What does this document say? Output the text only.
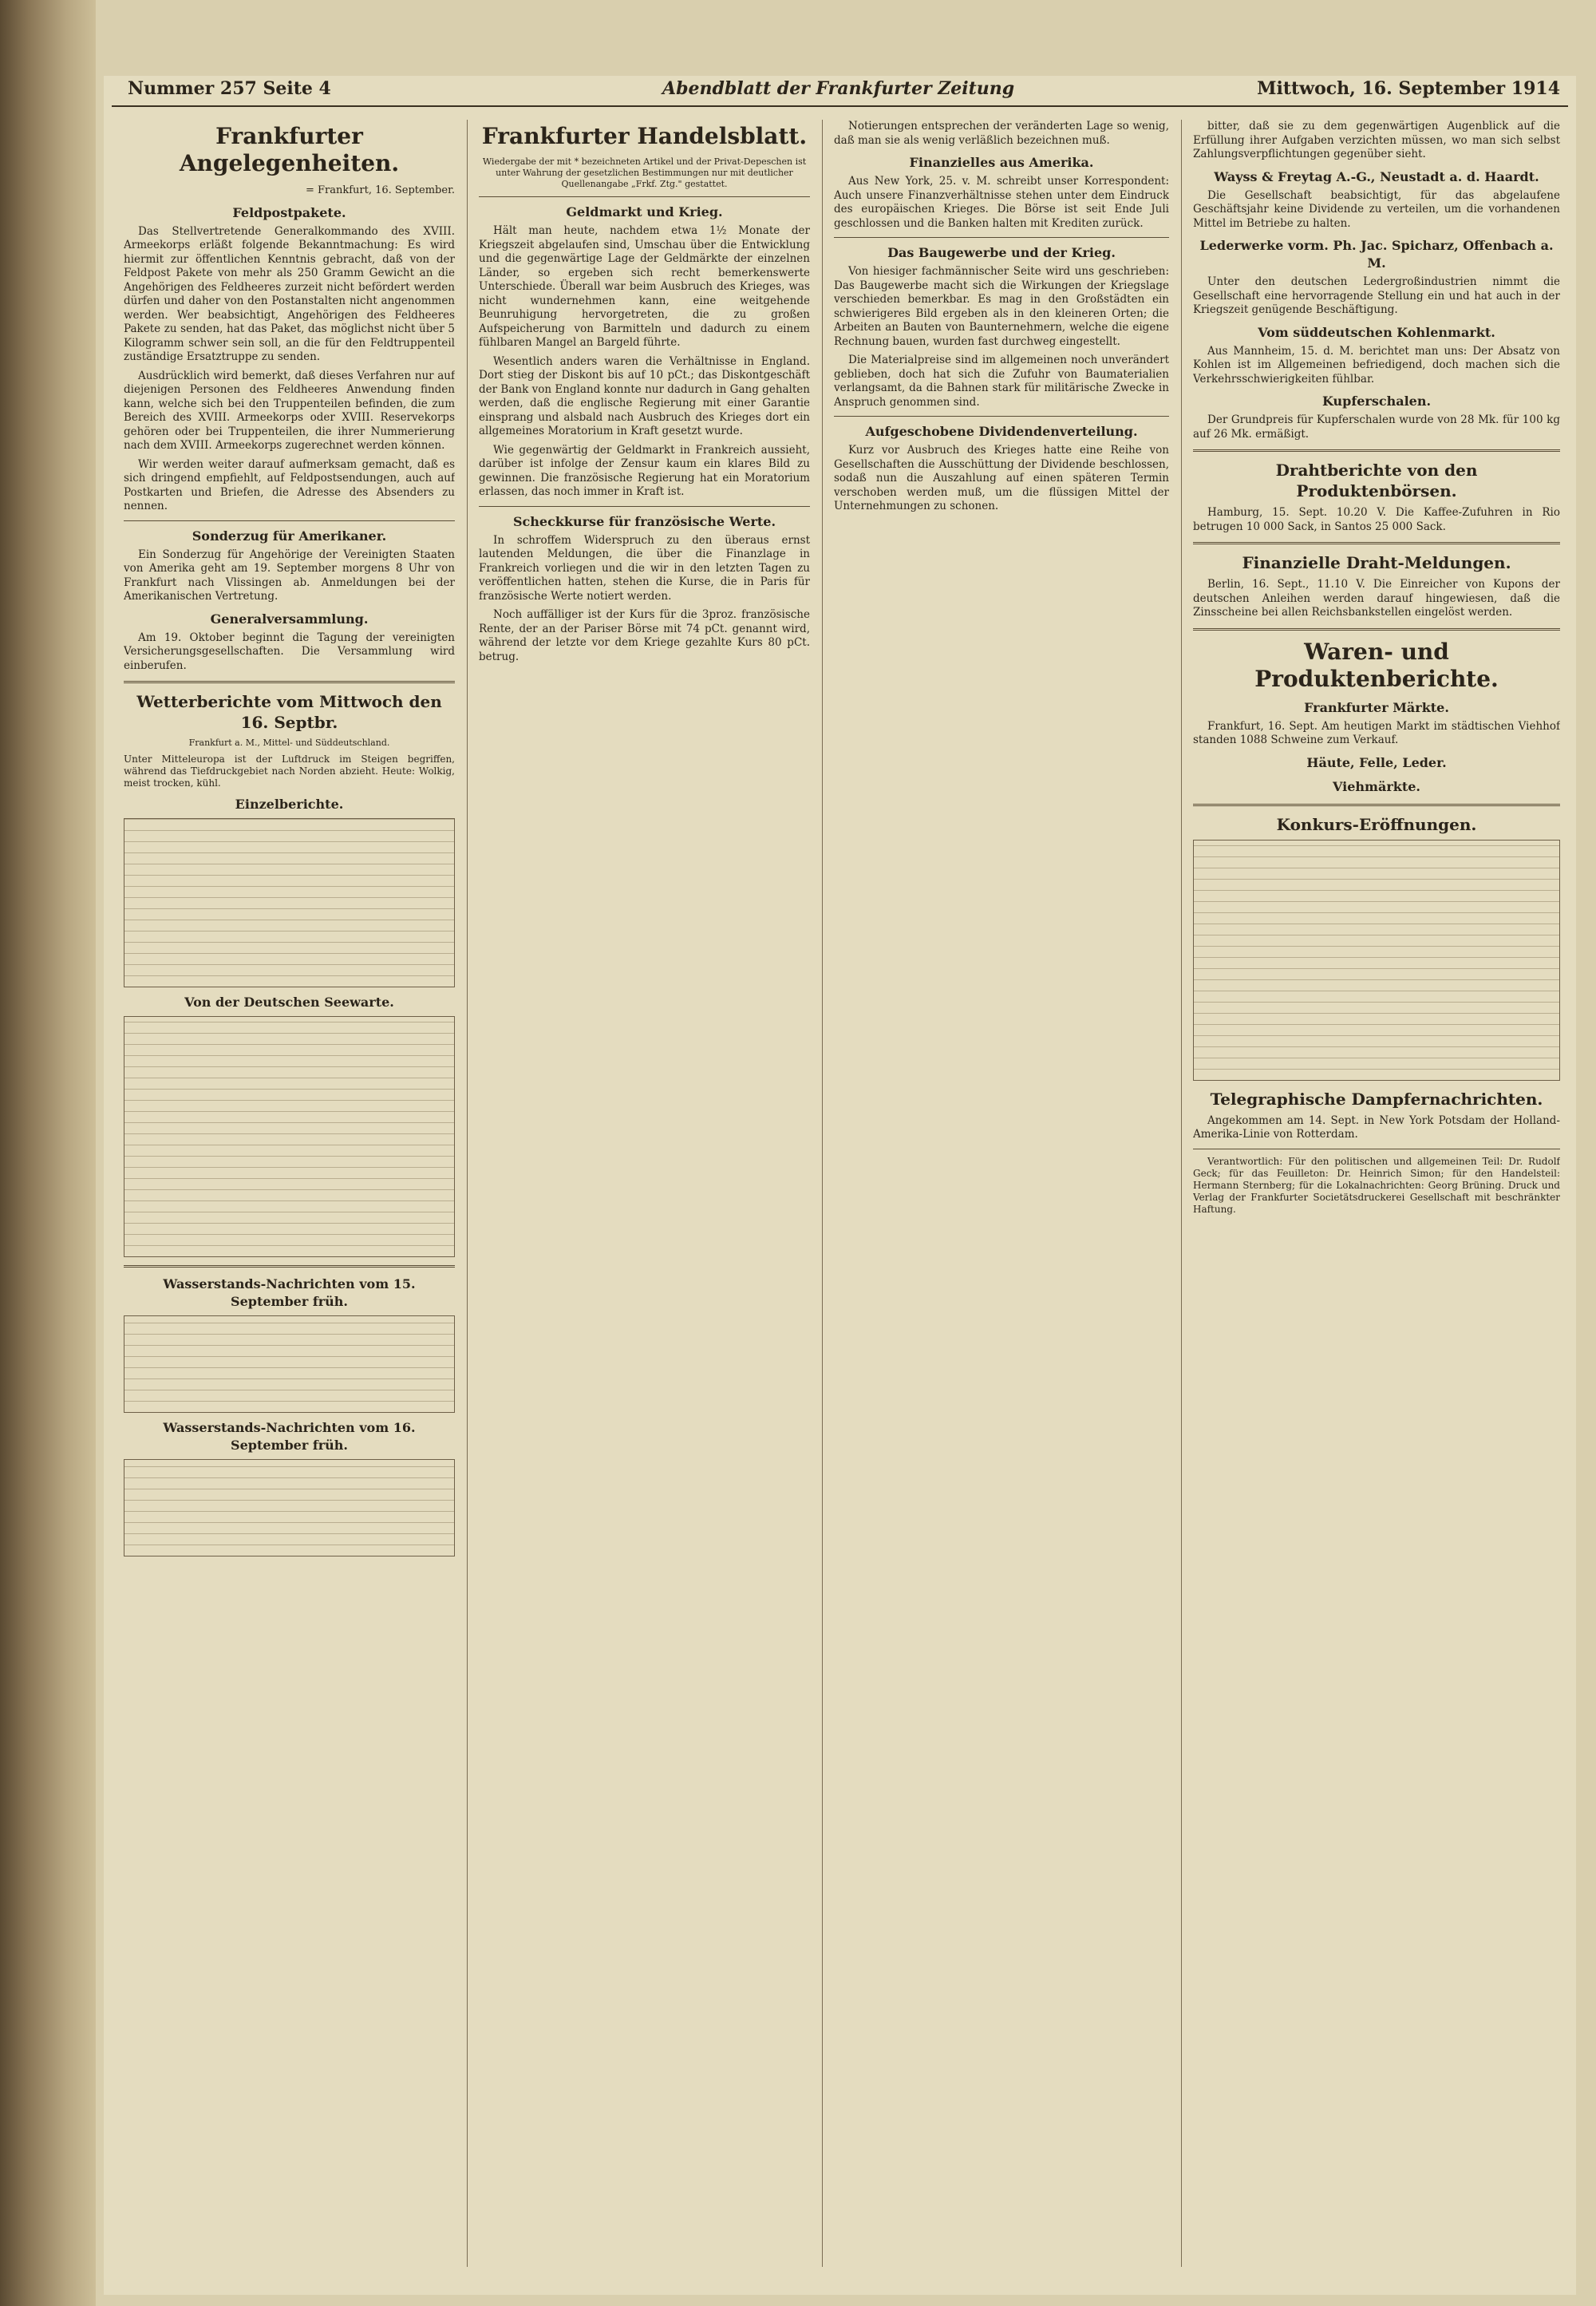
Nummer 257 Seite 4	Abendblatt der Frankfurter Zeitung	Mittwoch, 16. September 1914
Frankfurter Angelegenheiten.
= Frankfurt, 16. September.
Feldpostpakete.

Das Stellvertretende Generalkommando des XVIII. Armeekorps erläßt folgende Bekanntmachung: Es wird hiermit zur öffentlichen Kenntnis gebracht, daß von der Feldpost Pakete von mehr als 250 Gramm Gewicht an die Angehörigen des Feldheeres zurzeit nicht befördert werden dürfen und daher von den Postanstalten nicht angenommen werden. Wer beabsichtigt, Angehörigen des Feldheeres Pakete zu senden, hat das Paket, das möglichst nicht über 5 Kilogramm schwer sein soll, an die für den Feldtruppenteil zuständige Ersatztruppe zu senden.

Ausdrücklich wird bemerkt, daß dieses Verfahren nur auf diejenigen Personen des Feldheeres Anwendung finden kann, welche sich bei den Truppenteilen befinden, die zum Bereich des XVIII. Armeekorps oder XVIII. Reservekorps gehören oder bei Truppenteilen, die ihrer Nummerierung nach dem XVIII. Armeekorps zugerechnet werden können.

Wir werden weiter darauf aufmerksam gemacht, daß es sich dringend empfiehlt, auf Feldpostsendungen, auch auf Postkarten und Briefen, die Adresse des Absenders zu nennen.

Sonderzug für Amerikaner.

Ein Sonderzug für Angehörige der Vereinigten Staaten von Amerika geht am 19. September morgens 8 Uhr von Frankfurt nach Vlissingen ab. Anmeldungen bei der Amerikanischen Vertretung.

Generalversammlung.

Am 19. Oktober beginnt die Tagung der vereinigten Versicherungsgesellschaften. Die Versammlung wird einberufen.

Wetterberichte vom Mittwoch den 16. Septbr.
Frankfurt a. M., Mittel- und Süddeutschland.
Unter Mitteleuropa ist der Luftdruck im Steigen begriffen, während das Tiefdruckgebiet nach Norden abzieht. Heute: Wolkig, meist trocken, kühl.
Einzelberichte.
Von der Deutschen Seewarte.
Wasserstands-Nachrichten vom 15. September früh.
Wasserstands-Nachrichten vom 16. September früh.
Frankfurter Handelsblatt.
Wiedergabe der mit * bezeichneten Artikel und der Privat-Depeschen ist unter Wahrung der gesetzlichen Bestimmungen nur mit deutlicher Quellenangabe „Frkf. Ztg." gestattet.
Geldmarkt und Krieg.

Hält man heute, nachdem etwa 1½ Monate der Kriegszeit abgelaufen sind, Umschau über die Entwicklung und die gegenwärtige Lage der Geldmärkte der einzelnen Länder, so ergeben sich recht bemerkenswerte Unterschiede. Überall war beim Ausbruch des Krieges, was nicht wundernehmen kann, eine weitgehende Beunruhigung hervorgetreten, die zu großen Aufspeicherung von Barmitteln und dadurch zu einem fühlbaren Mangel an Bargeld führte.

Wesentlich anders waren die Verhältnisse in England. Dort stieg der Diskont bis auf 10 pCt.; das Diskontgeschäft der Bank von England konnte nur dadurch in Gang gehalten werden, daß die englische Regierung mit einer Garantie einsprang und alsbald nach Ausbruch des Krieges dort ein allgemeines Moratorium in Kraft gesetzt wurde.

Wie gegenwärtig der Geldmarkt in Frankreich aussieht, darüber ist infolge der Zensur kaum ein klares Bild zu gewinnen. Die französische Regierung hat ein Moratorium erlassen, das noch immer in Kraft ist.

Scheckkurse für französische Werte.

In schroffem Widerspruch zu den überaus ernst lautenden Meldungen, die über die Finanzlage in Frankreich vorliegen und die wir in den letzten Tagen zu veröffentlichen hatten, stehen die Kurse, die in Paris für französische Werte notiert werden.

Noch auffälliger ist der Kurs für die 3proz. französische Rente, der an der Pariser Börse mit 74 pCt. genannt wird, während der letzte vor dem Kriege gezahlte Kurs 80 pCt. betrug.

Notierungen entsprechen der veränderten Lage so wenig, daß man sie als wenig verläßlich bezeichnen muß.

Finanzielles aus Amerika.

Aus New York, 25. v. M. schreibt unser Korrespondent: Auch unsere Finanzverhältnisse stehen unter dem Eindruck des europäischen Krieges. Die Börse ist seit Ende Juli geschlossen und die Banken halten mit Krediten zurück.

Das Baugewerbe und der Krieg.

Von hiesiger fachmännischer Seite wird uns geschrieben: Das Baugewerbe macht sich die Wirkungen der Kriegslage verschieden bemerkbar. Es mag in den Großstädten ein schwierigeres Bild ergeben als in den kleineren Orten; die Arbeiten an Bauten von Baunternehmern, welche die eigene Rechnung bauen, wurden fast durchweg eingestellt.

Die Materialpreise sind im allgemeinen noch unverändert geblieben, doch hat sich die Zufuhr von Baumaterialien verlangsamt, da die Bahnen stark für militärische Zwecke in Anspruch genommen sind.

Aufgeschobene Dividendenverteilung.

Kurz vor Ausbruch des Krieges hatte eine Reihe von Gesellschaften die Ausschüttung der Dividende beschlossen, sodaß nun die Auszahlung auf einen späteren Termin verschoben werden muß, um die flüssigen Mittel der Unternehmungen zu schonen.

bitter, daß sie zu dem gegenwärtigen Augenblick auf die Erfüllung ihrer Aufgaben verzichten müssen, wo man sich selbst Zahlungsverpflichtungen gegenüber sieht.

Wayss & Freytag A.-G., Neustadt a. d. Haardt.

Die Gesellschaft beabsichtigt, für das abgelaufene Geschäftsjahr keine Dividende zu verteilen, um die vorhandenen Mittel im Betriebe zu halten.

Lederwerke vorm. Ph. Jac. Spicharz, Offenbach a. M.

Unter den deutschen Ledergroßindustrien nimmt die Gesellschaft eine hervorragende Stellung ein und hat auch in der Kriegszeit genügende Beschäftigung.

Vom süddeutschen Kohlenmarkt.

Aus Mannheim, 15. d. M. berichtet man uns: Der Absatz von Kohlen ist im Allgemeinen befriedigend, doch machen sich die Verkehrsschwierigkeiten fühlbar.

Kupferschalen.

Der Grundpreis für Kupferschalen wurde von 28 Mk. für 100 kg auf 26 Mk. ermäßigt.

Drahtberichte von den Produktenbörsen.

Hamburg, 15. Sept. 10.20 V. Die Kaffee-Zufuhren in Rio betrugen 10 000 Sack, in Santos 25 000 Sack.

Finanzielle Draht-Meldungen.

Berlin, 16. Sept., 11.10 V. Die Einreicher von Kupons der deutschen Anleihen werden darauf hingewiesen, daß die Zinsscheine bei allen Reichsbankstellen eingelöst werden.

Waren- und Produktenberichte.
Frankfurter Märkte.

Frankfurt, 16. Sept. Am heutigen Markt im städtischen Viehhof standen 1088 Schweine zum Verkauf.

Häute, Felle, Leder.
Viehmärkte.
Konkurs-Eröffnungen.
Telegraphische Dampfernachrichten.

Angekommen am 14. Sept. in New York Potsdam der Holland-Amerika-Linie von Rotterdam.

Verantwortlich: Für den politischen und allgemeinen Teil: Dr. Rudolf Geck; für das Feuilleton: Dr. Heinrich Simon; für den Handelsteil: Hermann Sternberg; für die Lokalnachrichten: Georg Brüning. Druck und Verlag der Frankfurter Societätsdruckerei Gesellschaft mit beschränkter Haftung.
